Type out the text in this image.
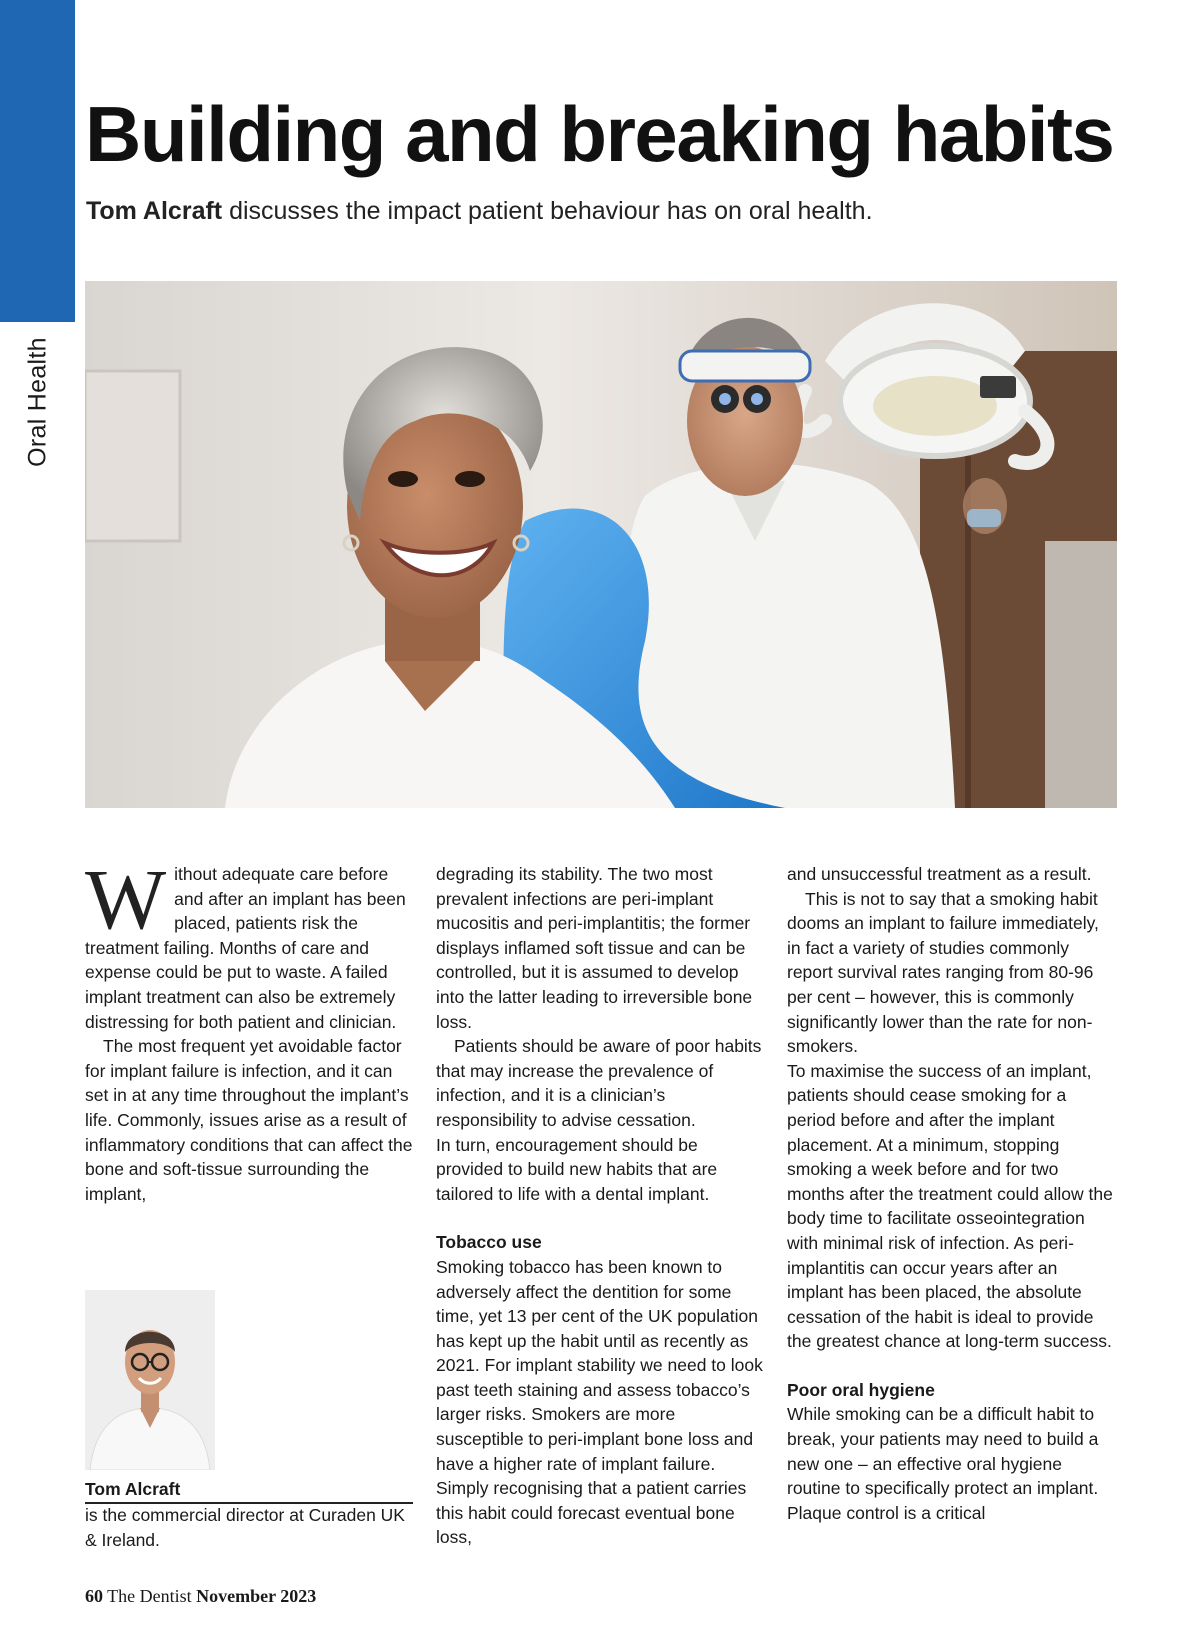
Oral Health
Building and breaking habits

Tom Alcraft discusses the impact patient behaviour has on oral health.

Without adequate care before and after an implant has been placed, patients risk the treatment failing. Months of care and expense could be put to waste. A failed implant treatment can also be extremely distressing for both patient and clinician.

The most frequent yet avoidable factor for implant failure is infection, and it can set in at any time throughout the implant’s life. Commonly, issues arise as a result of inflammatory conditions that can affect the bone and soft-tissue surrounding the implant,

degrading its stability. The two most prevalent infections are peri-implant mucositis and peri-implantitis; the former displays inflamed soft tissue and can be controlled, but it is assumed to develop into the latter leading to irreversible bone loss.

Patients should be aware of poor habits that may increase the prevalence of infection, and it is a clinician’s responsibility to advise cessation.

In turn, encouragement should be provided to build new habits that are tailored to life with a dental implant.

Tobacco use

Smoking tobacco has been known to adversely affect the dentition for some time, yet 13 per cent of the UK population has kept up the habit until as recently as 2021. For implant stability we need to look past teeth staining and assess tobacco’s larger risks. Smokers are more susceptible to peri-implant bone loss and have a higher rate of implant failure. Simply recognising that a patient carries this habit could forecast eventual bone loss,

and unsuccessful treatment as a result.

This is not to say that a smoking habit dooms an implant to failure immediately, in fact a variety of studies commonly report survival rates ranging from 80-96 per cent – however, this is commonly significantly lower than the rate for non-smokers.

To maximise the success of an implant, patients should cease smoking for a period before and after the implant placement. At a minimum, stopping smoking a week before and for two months after the treatment could allow the body time to facilitate osseointegration with minimal risk of infection. As peri-implantitis can occur years after an implant has been placed, the absolute cessation of the habit is ideal to provide the greatest chance at long-term success.

Poor oral hygiene

While smoking can be a difficult habit to break, your patients may need to build a new one – an effective oral hygiene routine to specifically protect an implant. Plaque control is a critical

Tom Alcraft
is the commercial director at Curaden UK & Ireland.
60 The Dentist November 2023
